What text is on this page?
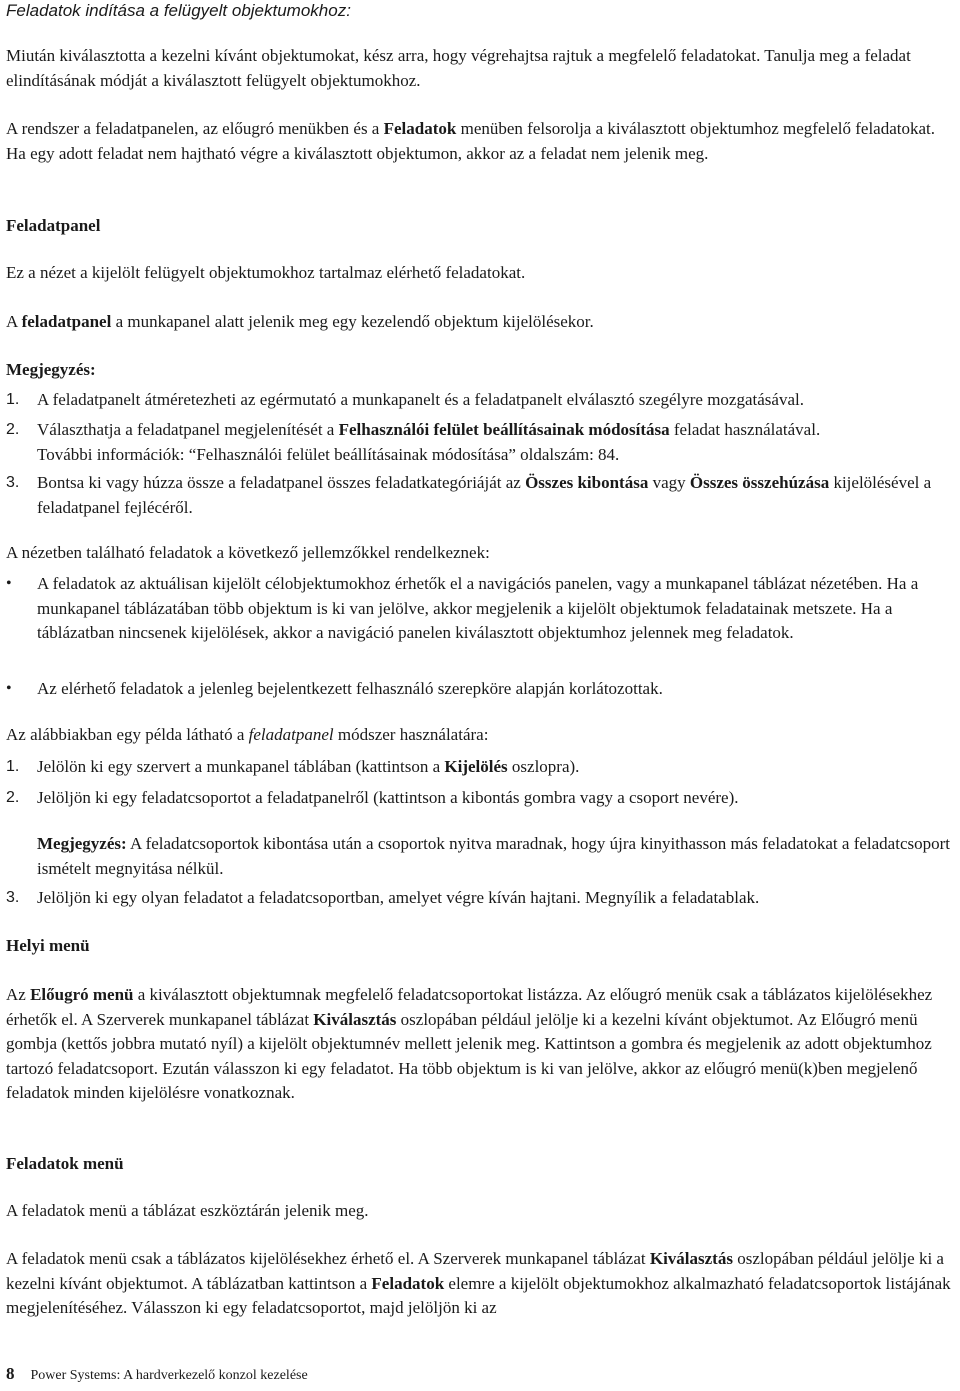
Feladatok indítása a felügyelt objektumokhoz:

Miután kiválasztotta a kezelni kívánt objektumokat, kész arra, hogy végrehajtsa rajtuk a megfelelő feladatokat. Tanulja meg a feladat elindításának módját a kiválasztott felügyelt objektumokhoz.

A rendszer a feladatpanelen, az előugró menükben és a Feladatok menüben felsorolja a kiválasztott objektumhoz megfelelő feladatokat. Ha egy adott feladat nem hajtható végre a kiválasztott objektumon, akkor az a feladat nem jelenik meg.

Feladatpanel

Ez a nézet a kijelölt felügyelt objektumokhoz tartalmaz elérhető feladatokat.

A feladatpanel a munkapanel alatt jelenik meg egy kezelendő objektum kijelölésekor.

Megjegyzés:

1.	A feladatpanelt átméretezheti az egérmutató a munkapanelt és a feladatpanelt elválasztó szegélyre mozgatásával.
2.	Választhatja a feladatpanel megjelenítését a Felhasználói felület beállításainak módosítása feladat használatával.
További információk: “Felhasználói felület beállításainak módosítása” oldalszám: 84.
3.	Bontsa ki vagy húzza össze a feladatpanel összes feladatkategóriáját az Összes kibontása vagy Összes összehúzása kijelölésével a feladatpanel fejlécéről.

A nézetben található feladatok a következő jellemzőkkel rendelkeznek:

• A feladatok az aktuálisan kijelölt célobjektumokhoz érhetők el a navigációs panelen, vagy a munkapanel táblázat nézetében. Ha a munkapanel táblázatában több objektum is ki van jelölve, akkor megjelenik a kijelölt objektumok feladatainak metszete. Ha a táblázatban nincsenek kijelölések, akkor a navigáció panelen kiválasztott objektumhoz jelennek meg feladatok.
• Az elérhető feladatok a jelenleg bejelentkezett felhasználó szerepköre alapján korlátozottak.

Az alábbiakban egy példa látható a feladatpanel módszer használatára:

1.	Jelölön ki egy szervert a munkapanel táblában (kattintson a Kijelölés oszlopra).
2.	Jelöljön ki egy feladatcsoportot a feladatpanelről (kattintson a kibontás gombra vagy a csoport nevére).
Megjegyzés: A feladatcsoportok kibontása után a csoportok nyitva maradnak, hogy újra kinyithasson más feladatokat a feladatcsoport ismételt megnyitása nélkül.
3.	Jelöljön ki egy olyan feladatot a feladatcsoportban, amelyet végre kíván hajtani. Megnyílik a feladatablak.

Helyi menü

Az Előugró menü a kiválasztott objektumnak megfelelő feladatcsoportokat listázza. Az előugró menük csak a táblázatos kijelölésekhez érhetők el. A Szerverek munkapanel táblázat Kiválasztás oszlopában például jelölje ki a kezelni kívánt objektumot. Az Előugró menü gombja (kettős jobbra mutató nyíl) a kijelölt objektumnév mellett jelenik meg. Kattintson a gombra és megjelenik az adott objektumhoz tartozó feladatcsoport. Ezután válasszon ki egy feladatot. Ha több objektum is ki van jelölve, akkor az előugró menü(k)ben megjelenő feladatok minden kijelölésre vonatkoznak.

Feladatok menü

A feladatok menü a táblázat eszköztárán jelenik meg.

A feladatok menü csak a táblázatos kijelölésekhez érhető el. A Szerverek munkapanel táblázat Kiválasztás oszlopában például jelölje ki a kezelni kívánt objektumot. A táblázatban kattintson a Feladatok elemre a kijelölt objektumokhoz alkalmazható feladatcsoportok listájának megjelenítéséhez. Válasszon ki egy feladatcsoportot, majd jelöljön ki az

8 Power Systems: A hardverkezelő konzol kezelése
